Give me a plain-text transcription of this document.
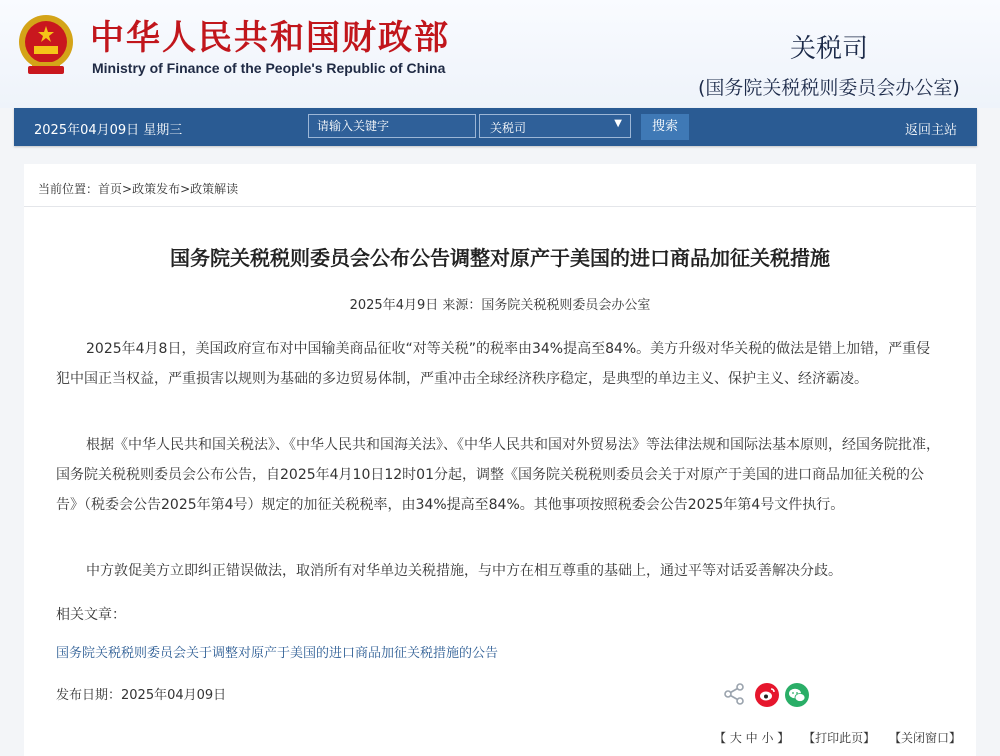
中华人民共和国财政部
Ministry of Finance of the People's Republic of China
关税司
(国务院关税税则委员会办公室)
2025年04月09日 星期三
请输入关键字	关税司	▼	搜索	返回主站
当前位置：首页>政策发布>政策解读
国务院关税税则委员会公布公告调整对原产于美国的进口商品加征关税措施
2025年4月9日 来源：国务院关税税则委员会办公室
2025年4月8日，美国政府宣布对中国输美商品征收“对等关税”的税率由34%提高至84%。美方升级对华关税的做法是错上加错，严重侵犯中国正当权益，严重损害以规则为基础的多边贸易体制，严重冲击全球经济秩序稳定，是典型的单边主义、保护主义、经济霸凌。
根据《中华人民共和国关税法》、《中华人民共和国海关法》、《中华人民共和国对外贸易法》等法律法规和国际法基本原则，经国务院批准，国务院关税税则委员会公布公告，自2025年4月10日12时01分起，调整《国务院关税税则委员会关于对原产于美国的进口商品加征关税的公告》（税委会公告2025年第4号）规定的加征关税税率，由34%提高至84%。其他事项按照税委会公告2025年第4号文件执行。
中方敦促美方立即纠正错误做法，取消所有对华单边关税措施，与中方在相互尊重的基础上，通过平等对话妥善解决分歧。
相关文章：
国务院关税税则委员会关于调整对原产于美国的进口商品加征关税措施的公告
发布日期：2025年04月09日
【 大 中 小 】 【打印此页】 【关闭窗口】
